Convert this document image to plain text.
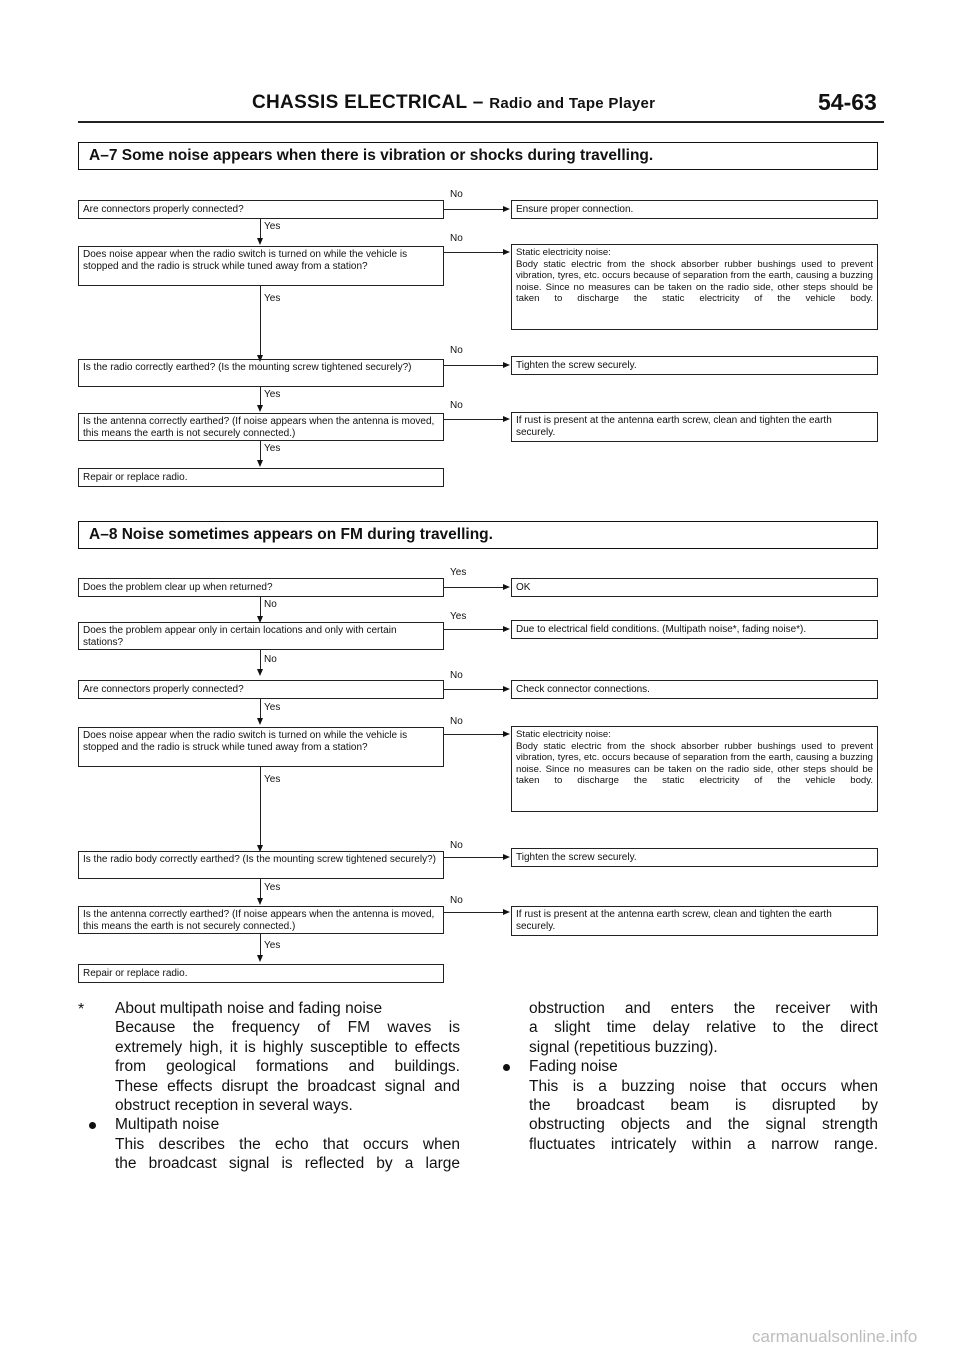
CHASSIS ELECTRICAL – Radio and Tape Player	54-63
A–7 Some noise appears when there is vibration or shocks during travelling.
Are connectors properly connected?
No
Ensure proper connection.
Yes
Does noise appear when the radio switch is turned on while the vehicle is stopped and the radio is struck while tuned away from a station?
No
Static electricity noise:
Body static electric from the shock absorber rubber bushings used to prevent vibration, tyres, etc. occurs because of separation from the earth, causing a buzzing noise. Since no measures can be taken on the radio side, other steps should be taken to discharge the static electricity of the vehicle body.
Yes
Is the radio correctly earthed? (Is the mounting screw tightened securely?)
No
Tighten the screw securely.
Yes
Is the antenna correctly earthed? (If noise appears when the antenna is moved, this means the earth is not securely connected.)
No
If rust is present at the antenna earth screw, clean and tighten the earth securely.
Yes
Repair or replace radio.
A–8 Noise sometimes appears on FM during travelling.
Does the problem clear up when returned?
Yes
OK
No
Does the problem appear only in certain locations and only with certain stations?
Yes
Due to electrical field conditions. (Multipath noise*, fading noise*).
No
Are connectors properly connected?
No
Check connector connections.
Yes
Does noise appear when the radio switch is turned on while the vehicle is stopped and the radio is struck while tuned away from a station?
No
Static electricity noise:
Body static electric from the shock absorber rubber bushings used to prevent vibration, tyres, etc. occurs because of separation from the earth, causing a buzzing noise. Since no measures can be taken on the radio side, other steps should be taken to discharge the static electricity of the vehicle body.
Yes
Is the radio body correctly earthed? (Is the mounting screw tightened securely?)
No
Tighten the screw securely.
Yes
Is the antenna correctly earthed? (If noise appears when the antenna is moved, this means the earth is not securely connected.)
No
If rust is present at the antenna earth screw, clean and tighten the earth securely.
Yes
Repair or replace radio.
* About multipath noise and fading noise

Because the frequency of FM waves is

extremely high, it is highly susceptible to effects

from geological formations and buildings.

These effects disrupt the broadcast signal and

obstruct reception in several ways.

Multipath noise

This describes the echo that occurs when

the broadcast signal is reflected by a large

obstruction and enters the receiver with

a slight time delay relative to the direct

signal (repetitious buzzing).

Fading noise

This is a buzzing noise that occurs when

the broadcast beam is disrupted by

obstructing objects and the signal strength

fluctuates intricately within a narrow range.

carmanualsonline.info
